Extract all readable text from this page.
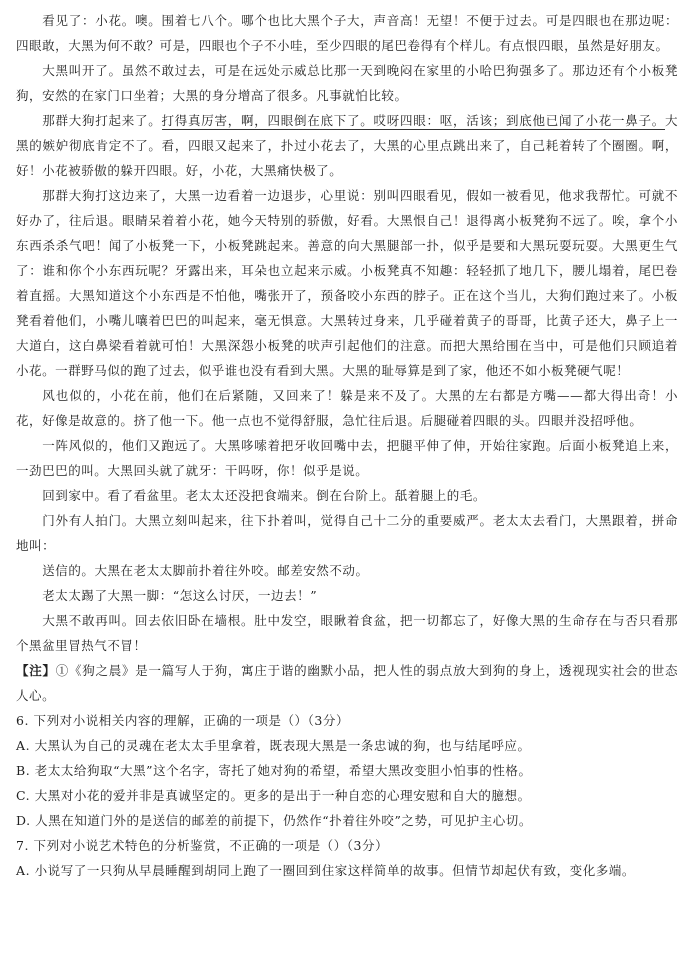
看见了：小花。噢。围着七八个。哪个也比大黑个子大，声音高！无望！不便于过去。可是四眼也在那边呢：四眼敢，大黑为何不敢？可是，四眼也个子不小哇，至少四眼的尾巴卷得有个样儿。有点恨四眼，虽然是好朋友。

大黑叫开了。虽然不敢过去，可是在远处示威总比那一天到晚闷在家里的小哈巴狗强多了。那边还有个小板凳狗，安然的在家门口坐着；大黑的身分增高了很多。凡事就怕比较。

那群大狗打起来了。打得真厉害，啊，四眼倒在底下了。哎呀四眼：呕，活该；到底他已闻了小花一鼻子。大黑的嫉妒彻底肯定不了。看，四眼又起来了，扑过小花去了，大黑的心里点跳出来了，自己耗着转了个圈圈。啊，好！小花被骄傲的躲开四眼。好，小花，大黑痛快极了。

那群大狗打这边来了，大黑一边看着一边退步，心里说：别叫四眼看见，假如一被看见，他求我帮忙。可就不好办了，往后退。眼睛呆着着小花，她今天特别的骄傲，好看。大黑恨自己！退得离小板凳狗不远了。唉，拿个小东西杀杀气吧！闻了小板凳一下，小板凳跳起来。善意的向大黑腿部一扑，似乎是要和大黑玩耍玩耍。大黑更生气了：谁和你个小东西玩呢？牙露出来，耳朵也立起来示威。小板凳真不知趣：轻轻抓了地几下，腰儿塌着，尾巴卷着直摇。大黑知道这个小东西是不怕他，嘴张开了，预备咬小东西的脖子。正在这个当儿，大狗们跑过来了。小板凳看着他们，小嘴儿嚷着巴巴的叫起来，毫无惧意。大黑转过身来，几乎碰着黄子的哥哥，比黄子还大，鼻子上一大道白，这白鼻梁看着就可怕！大黑深怨小板凳的吠声引起他们的注意。而把大黑给围在当中，可是他们只顾追着小花。一群野马似的跑了过去，似乎谁也没有看到大黑。大黑的耻辱算是到了家，他还不如小板凳硬气呢！

风也似的，小花在前，他们在后紧随，又回来了！躲是来不及了。大黑的左右都是方嘴——都大得出奇！小花，好像是故意的。挤了他一下。他一点也不觉得舒服，急忙往后退。后腿碰着四眼的头。四眼并没招呼他。

一阵风似的，他们又跑远了。大黑哆嗦着把牙收回嘴中去，把腿平伸了伸，开始往家跑。后面小板凳追上来，一劲巴巴的叫。大黑回头就了就牙：干吗呀，你！似乎是说。

回到家中。看了看盆里。老太太还没把食端来。倒在台阶上。舐着腿上的毛。

门外有人拍门。大黑立刻叫起来，往下扑着叫，觉得自己十二分的重要威严。老太太去看门，大黑跟着，拼命地叫：

送信的。大黑在老太太脚前扑着往外咬。邮差安然不动。

老太太踢了大黑一脚：“怎这么讨厌，一边去！”

大黑不敢再叫。回去依旧卧在墙根。肚中发空，眼瞅着食盆，把一切都忘了，好像大黑的生命存在与否只看那个黑盆里冒热气不冒！

【注】①《狗之晨》是一篇写人于狗，寓庄于谐的幽默小品，把人性的弱点放大到狗的身上，透视现实社会的世态人心。

6. 下列对小说相关内容的理解，正确的一项是（）（3分）

A. 大黑认为自己的灵魂在老太太手里拿着，既表现大黑是一条忠诚的狗，也与结尾呼应。

B. 老太太给狗取“大黑”这个名字，寄托了她对狗的希望，希望大黑改变胆小怕事的性格。

C. 大黑对小花的爱并非是真诚坚定的。更多的是出于一种自恋的心理安慰和自大的臆想。

D. 人黑在知道门外的是送信的邮差的前提下，仍然作“扑着往外咬”之势，可见护主心切。

7. 下列对小说艺术特色的分析鉴赏，不正确的一项是（）（3分）

A. 小说写了一只狗从早晨睡醒到胡同上跑了一圈回到住家这样简单的故事。但情节却起伏有致，变化多端。
